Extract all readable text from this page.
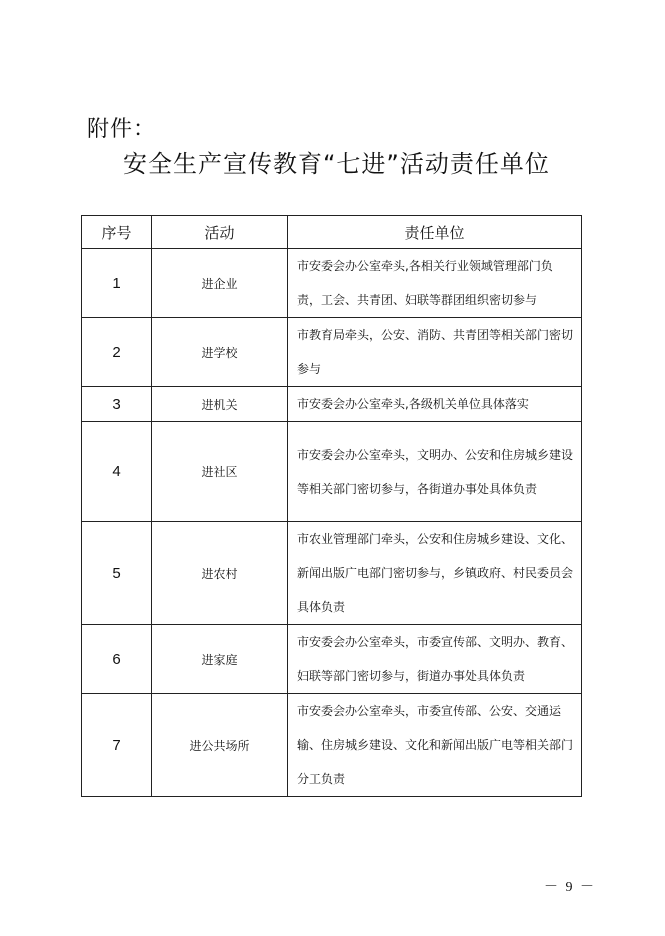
附件：
安全生产宣传教育“七进”活动责任单位
序号	活动	责任单位
1	进企业	市安委会办公室牵头,各相关行业领域管理部门负责，工会、共青团、妇联等群团组织密切参与
2	进学校	市教育局牵头，公安、消防、共青团等相关部门密切参与
3	进机关	市安委会办公室牵头,各级机关单位具体落实
4	进社区	市安委会办公室牵头，文明办、公安和住房城乡建设等相关部门密切参与，各街道办事处具体负责
5	进农村	市农业管理部门牵头，公安和住房城乡建设、文化、新闻出版广电部门密切参与，乡镇政府、村民委员会具体负责
6	进家庭	市安委会办公室牵头，市委宣传部、文明办、教育、妇联等部门密切参与，街道办事处具体负责
7	进公共场所	市安委会办公室牵头，市委宣传部、公安、交通运输、住房城乡建设、文化和新闻出版广电等相关部门分工负责
－ 9 －
